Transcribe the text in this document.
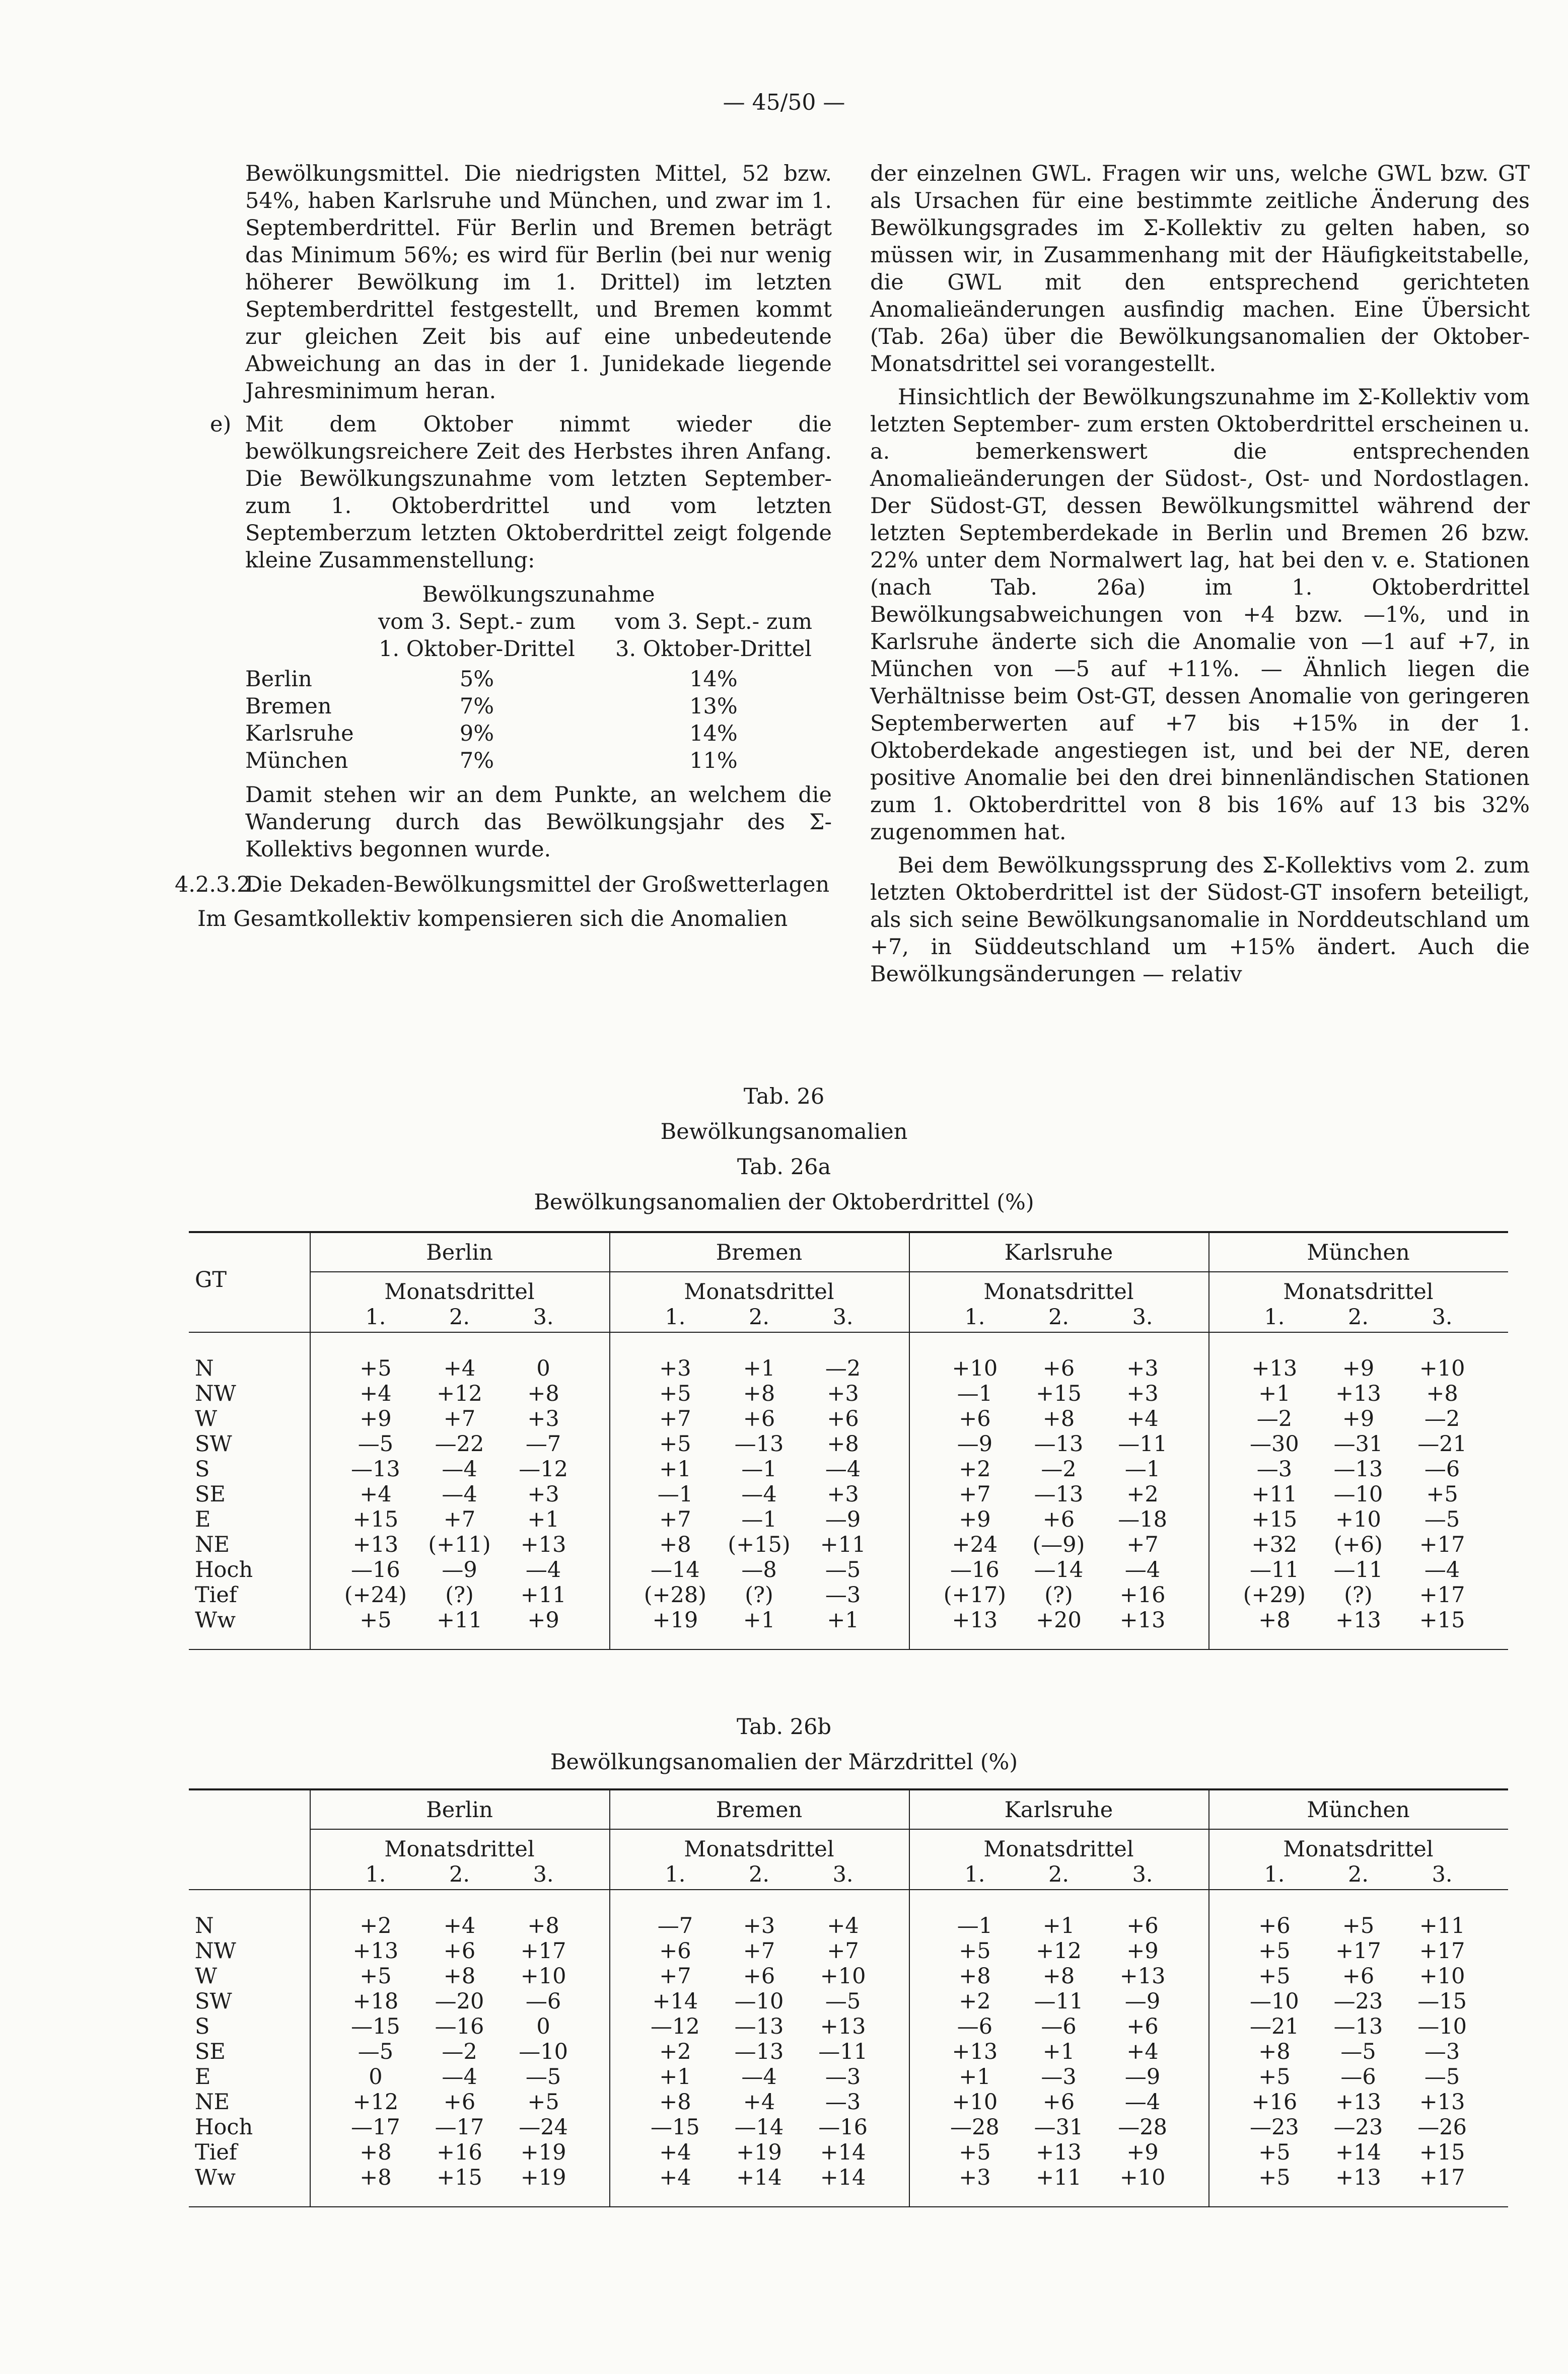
— 45/50 —

Bewölkungsmittel. Die niedrigsten Mittel, 52 bzw. 54%, haben Karlsruhe und München, und zwar im 1. Septemberdrittel. Für Berlin und Bremen beträgt das Minimum 56%; es wird für Berlin (bei nur wenig höherer Bewölkung im 1. Drittel) im letzten Septemberdrittel festgestellt, und Bremen kommt zur gleichen Zeit bis auf eine unbedeutende Abweichung an das in der 1. Junidekade liegende Jahresminimum heran.

e) Mit dem Oktober nimmt wieder die bewölkungsreichere Zeit des Herbstes ihren Anfang. Die Bewölkungszunahme vom letzten September- zum 1. Oktoberdrittel und vom letzten Septemberzum letzten Oktoberdrittel zeigt folgende kleine Zusammenstellung:

Bewölkungszunahme
vom 3. Sept.- zum	vom 3. Sept.- zum
1. Oktober-Drittel	3. Oktober-Drittel
Berlin	5%	14%
Bremen	7%	13%
Karlsruhe	9%	14%
München	7%	11%

Damit stehen wir an dem Punkte, an welchem die Wanderung durch das Bewölkungsjahr des Σ-Kollektivs begonnen wurde.

4.2.3.2.
Die Dekaden-Bewölkungsmittel der Großwetterlagen

Im Gesamtkollektiv kompensieren sich die Anomalien

der einzelnen GWL. Fragen wir uns, welche GWL bzw. GT als Ursachen für eine bestimmte zeitliche Änderung des Bewölkungsgrades im Σ-Kollektiv zu gelten haben, so müssen wir, in Zusammenhang mit der Häufigkeitstabelle, die GWL mit den entsprechend gerichteten Anomalieänderungen ausfindig machen. Eine Übersicht (Tab. 26a) über die Bewölkungsanomalien der Oktober-Monatsdrittel sei vorangestellt.

Hinsichtlich der Bewölkungszunahme im Σ-Kollektiv vom letzten September- zum ersten Oktoberdrittel erscheinen u. a. bemerkenswert die entsprechenden Anomalieänderungen der Südost-, Ost- und Nordostlagen. Der Südost-GT, dessen Bewölkungsmittel während der letzten Septemberdekade in Berlin und Bremen 26 bzw. 22% unter dem Normalwert lag, hat bei den v. e. Stationen (nach Tab. 26a) im 1. Oktoberdrittel Bewölkungsabweichungen von +4 bzw. —1%, und in Karlsruhe änderte sich die Anomalie von —1 auf +7, in München von —5 auf +11%. — Ähnlich liegen die Verhältnisse beim Ost-GT, dessen Anomalie von geringeren Septemberwerten auf +7 bis +15% in der 1. Oktoberdekade angestiegen ist, und bei der NE, deren positive Anomalie bei den drei binnenländischen Stationen zum 1. Oktoberdrittel von 8 bis 16% auf 13 bis 32% zugenommen hat.

Bei dem Bewölkungssprung des Σ-Kollektivs vom 2. zum letzten Oktoberdrittel ist der Südost-GT insofern beteiligt, als sich seine Bewölkungsanomalie in Norddeutschland um +7, in Süddeutschland um +15% ändert. Auch die Bewölkungsänderungen — relativ

Tab. 26
Bewölkungsanomalien
Tab. 26a
Bewölkungsanomalien der Oktoberdrittel (%)
GT
Berlin
Monatsdrittel
1.	2.	3.
Bremen
Monatsdrittel
1.	2.	3.
Karlsruhe
Monatsdrittel
1.	2.	3.
München
Monatsdrittel
1.	2.	3.
N	+5	+4	0	+3	+1	—2	+10	+6	+3	+13	+9	+10
NW	+4	+12	+8	+5	+8	+3	—1	+15	+3	+1	+13	+8
W	+9	+7	+3	+7	+6	+6	+6	+8	+4	—2	+9	—2
SW	—5	—22	—7	+5	—13	+8	—9	—13	—11	—30	—31	—21
S	—13	—4	—12	+1	—1	—4	+2	—2	—1	—3	—13	—6
SE	+4	—4	+3	—1	—4	+3	+7	—13	+2	+11	—10	+5
E	+15	+7	+1	+7	—1	—9	+9	+6	—18	+15	+10	—5
NE	+13	(+11)	+13	+8	(+15)	+11	+24	(—9)	+7	+32	(+6)	+17
Hoch	—16	—9	—4	—14	—8	—5	—16	—14	—4	—11	—11	—4
Tief	(+24)	(?)	+11	(+28)	(?)	—3	(+17)	(?)	+16	(+29)	(?)	+17
Ww	+5	+11	+9	+19	+1	+1	+13	+20	+13	+8	+13	+15
Tab. 26b
Bewölkungsanomalien der Märzdrittel (%)
Berlin
Monatsdrittel
1.	2.	3.
Bremen
Monatsdrittel
1.	2.	3.
Karlsruhe
Monatsdrittel
1.	2.	3.
München
Monatsdrittel
1.	2.	3.
N	+2	+4	+8	—7	+3	+4	—1	+1	+6	+6	+5	+11
NW	+13	+6	+17	+6	+7	+7	+5	+12	+9	+5	+17	+17
W	+5	+8	+10	+7	+6	+10	+8	+8	+13	+5	+6	+10
SW	+18	—20	—6	+14	—10	—5	+2	—11	—9	—10	—23	—15
S	—15	—16	0	—12	—13	+13	—6	—6	+6	—21	—13	—10
SE	—5	—2	—10	+2	—13	—11	+13	+1	+4	+8	—5	—3
E	0	—4	—5	+1	—4	—3	+1	—3	—9	+5	—6	—5
NE	+12	+6	+5	+8	+4	—3	+10	+6	—4	+16	+13	+13
Hoch	—17	—17	—24	—15	—14	—16	—28	—31	—28	—23	—23	—26
Tief	+8	+16	+19	+4	+19	+14	+5	+13	+9	+5	+14	+15
Ww	+8	+15	+19	+4	+14	+14	+3	+11	+10	+5	+13	+17
